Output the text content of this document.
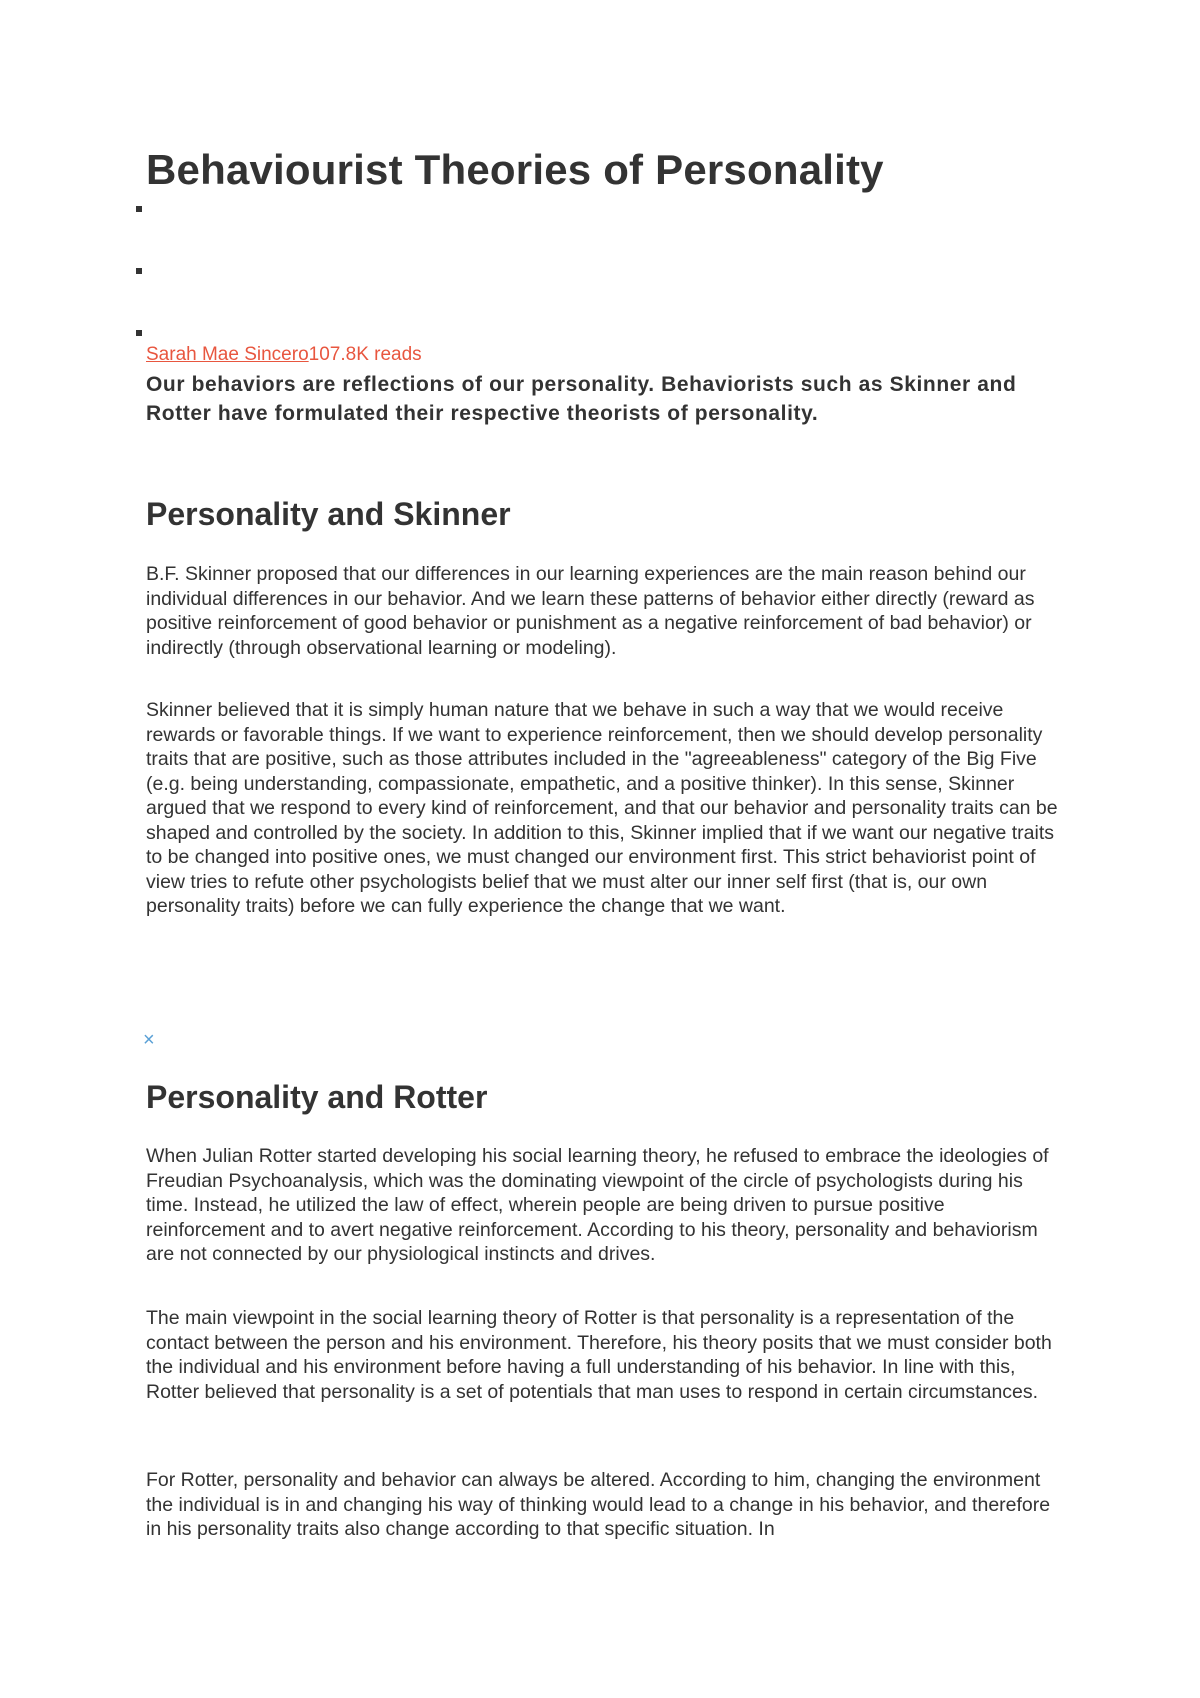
Behaviourist Theories of Personality
Sarah Mae Sincero107.8K reads

Our behaviors are reflections of our personality. Behaviorists such as Skinner and Rotter have formulated their respective theorists of personality.

Personality and Skinner

B.F. Skinner proposed that our differences in our learning experiences are the main reason behind our individual differences in our behavior. And we learn these patterns of behavior either directly (reward as positive reinforcement of good behavior or punishment as a negative reinforcement of bad behavior) or indirectly (through observational learning or modeling).

Skinner believed that it is simply human nature that we behave in such a way that we would receive rewards or favorable things. If we want to experience reinforcement, then we should develop personality traits that are positive, such as those attributes included in the "agreeableness" category of the Big Five (e.g. being understanding, compassionate, empathetic, and a positive thinker). In this sense, Skinner argued that we respond to every kind of reinforcement, and that our behavior and personality traits can be shaped and controlled by the society. In addition to this, Skinner implied that if we want our negative traits to be changed into positive ones, we must changed our environment first. This strict behaviorist point of view tries to refute other psychologists belief that we must alter our inner self first (that is, our own personality traits) before we can fully experience the change that we want.

×
Personality and Rotter

When Julian Rotter started developing his social learning theory, he refused to embrace the ideologies of Freudian Psychoanalysis, which was the dominating viewpoint of the circle of psychologists during his time. Instead, he utilized the law of effect, wherein people are being driven to pursue positive reinforcement and to avert negative reinforcement. According to his theory, personality and behaviorism are not connected by our physiological instincts and drives.

The main viewpoint in the social learning theory of Rotter is that personality is a representation of the contact between the person and his environment. Therefore, his theory posits that we must consider both the individual and his environment before having a full understanding of his behavior. In line with this, Rotter believed that personality is a set of potentials that man uses to respond in certain circumstances.

For Rotter, personality and behavior can always be altered. According to him, changing the environment the individual is in and changing his way of thinking would lead to a change in his behavior, and therefore in his personality traits also change according to that specific situation. In
